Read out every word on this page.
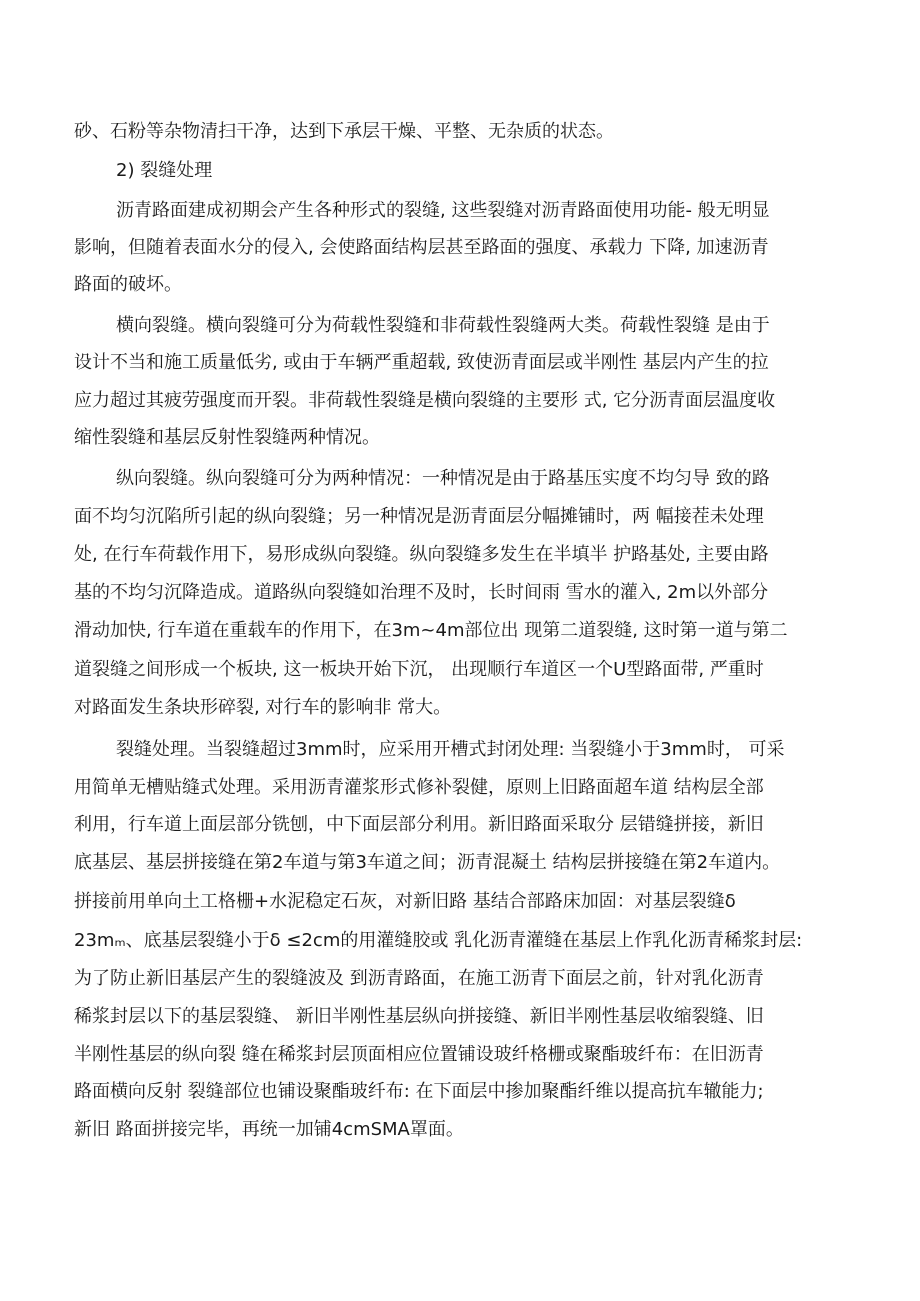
砂、石粉等杂物清扫干净，达到下承层干燥、平整、无杂质的状态。
2) 裂缝处理
沥青路面建成初期会产生各种形式的裂缝, 这些裂缝对沥青路面使用功能- 般无明显
影响，但随着表面水分的侵入, 会使路面结构层甚至路面的强度、承载力 下降, 加速沥青
路面的破坏。
横向裂缝。横向裂缝可分为荷载性裂缝和非荷载性裂缝两大类。荷载性裂缝 是由于
设计不当和施工质量低劣, 或由于车辆严重超载, 致使沥青面层或半刚性 基层内产生的拉
应力超过其疲劳强度而开裂。非荷载性裂缝是横向裂缝的主要形 式, 它分沥青面层温度收
缩性裂缝和基层反射性裂缝两种情况。
纵向裂缝。纵向裂缝可分为两种情况：一种情况是由于路基压实度不均匀导 致的路
面不均匀沉陷所引起的纵向裂缝；另一种情况是沥青面层分幅摊铺时，两 幅接茬未处理
处, 在行车荷载作用下，易形成纵向裂缝。纵向裂缝多发生在半填半 护路基处, 主要由路
基的不均匀沉降造成。道路纵向裂缝如治理不及时，长时间雨 雪水的灌入, 2m以外部分
滑动加快, 行车道在重载车的作用下，在3m~4m部位出 现第二道裂缝, 这时第一道与第二
道裂缝之间形成一个板块, 这一板块开始下沉， 出现顺行车道区一个U型路面带, 严重时
对路面发生条块形碎裂, 对行车的影响非 常大。
裂缝处理。当裂缝超过3mm时，应采用开槽式封闭处理: 当裂缝小于3mm时， 可采
用简单无槽贴缝式处理。采用沥青灌浆形式修补裂健，原则上旧路面超车道 结构层全部
利用，行车道上面层部分铣刨，中下面层部分利用。新旧路面采取分 层错缝拼接，新旧
底基层、基层拼接缝在第2车道与第3车道之间；沥青混凝土 结构层拼接缝在第2车道内。
拼接前用单向土工格栅+水泥稳定石灰，对新旧路 基结合部路床加固：对基层裂缝δ
23mₘ、底基层裂缝小于δ ≤2cm的用灌缝胶或 乳化沥青灌缝在基层上作乳化沥青稀浆封层:
为了防止新旧基层产生的裂缝波及 到沥青路面，在施工沥青下面层之前，针对乳化沥青
稀浆封层以下的基层裂缝、 新旧半刚性基层纵向拼接缝、新旧半刚性基层收缩裂缝、旧
半刚性基层的纵向裂 缝在稀浆封层顶面相应位置铺设玻纤格栅或聚酯玻纤布：在旧沥青
路面横向反射 裂缝部位也铺设聚酯玻纤布: 在下面层中掺加聚酯纤维以提高抗车辙能力;
新旧 路面拼接完毕，再统一加铺4cmSMA罩面。
